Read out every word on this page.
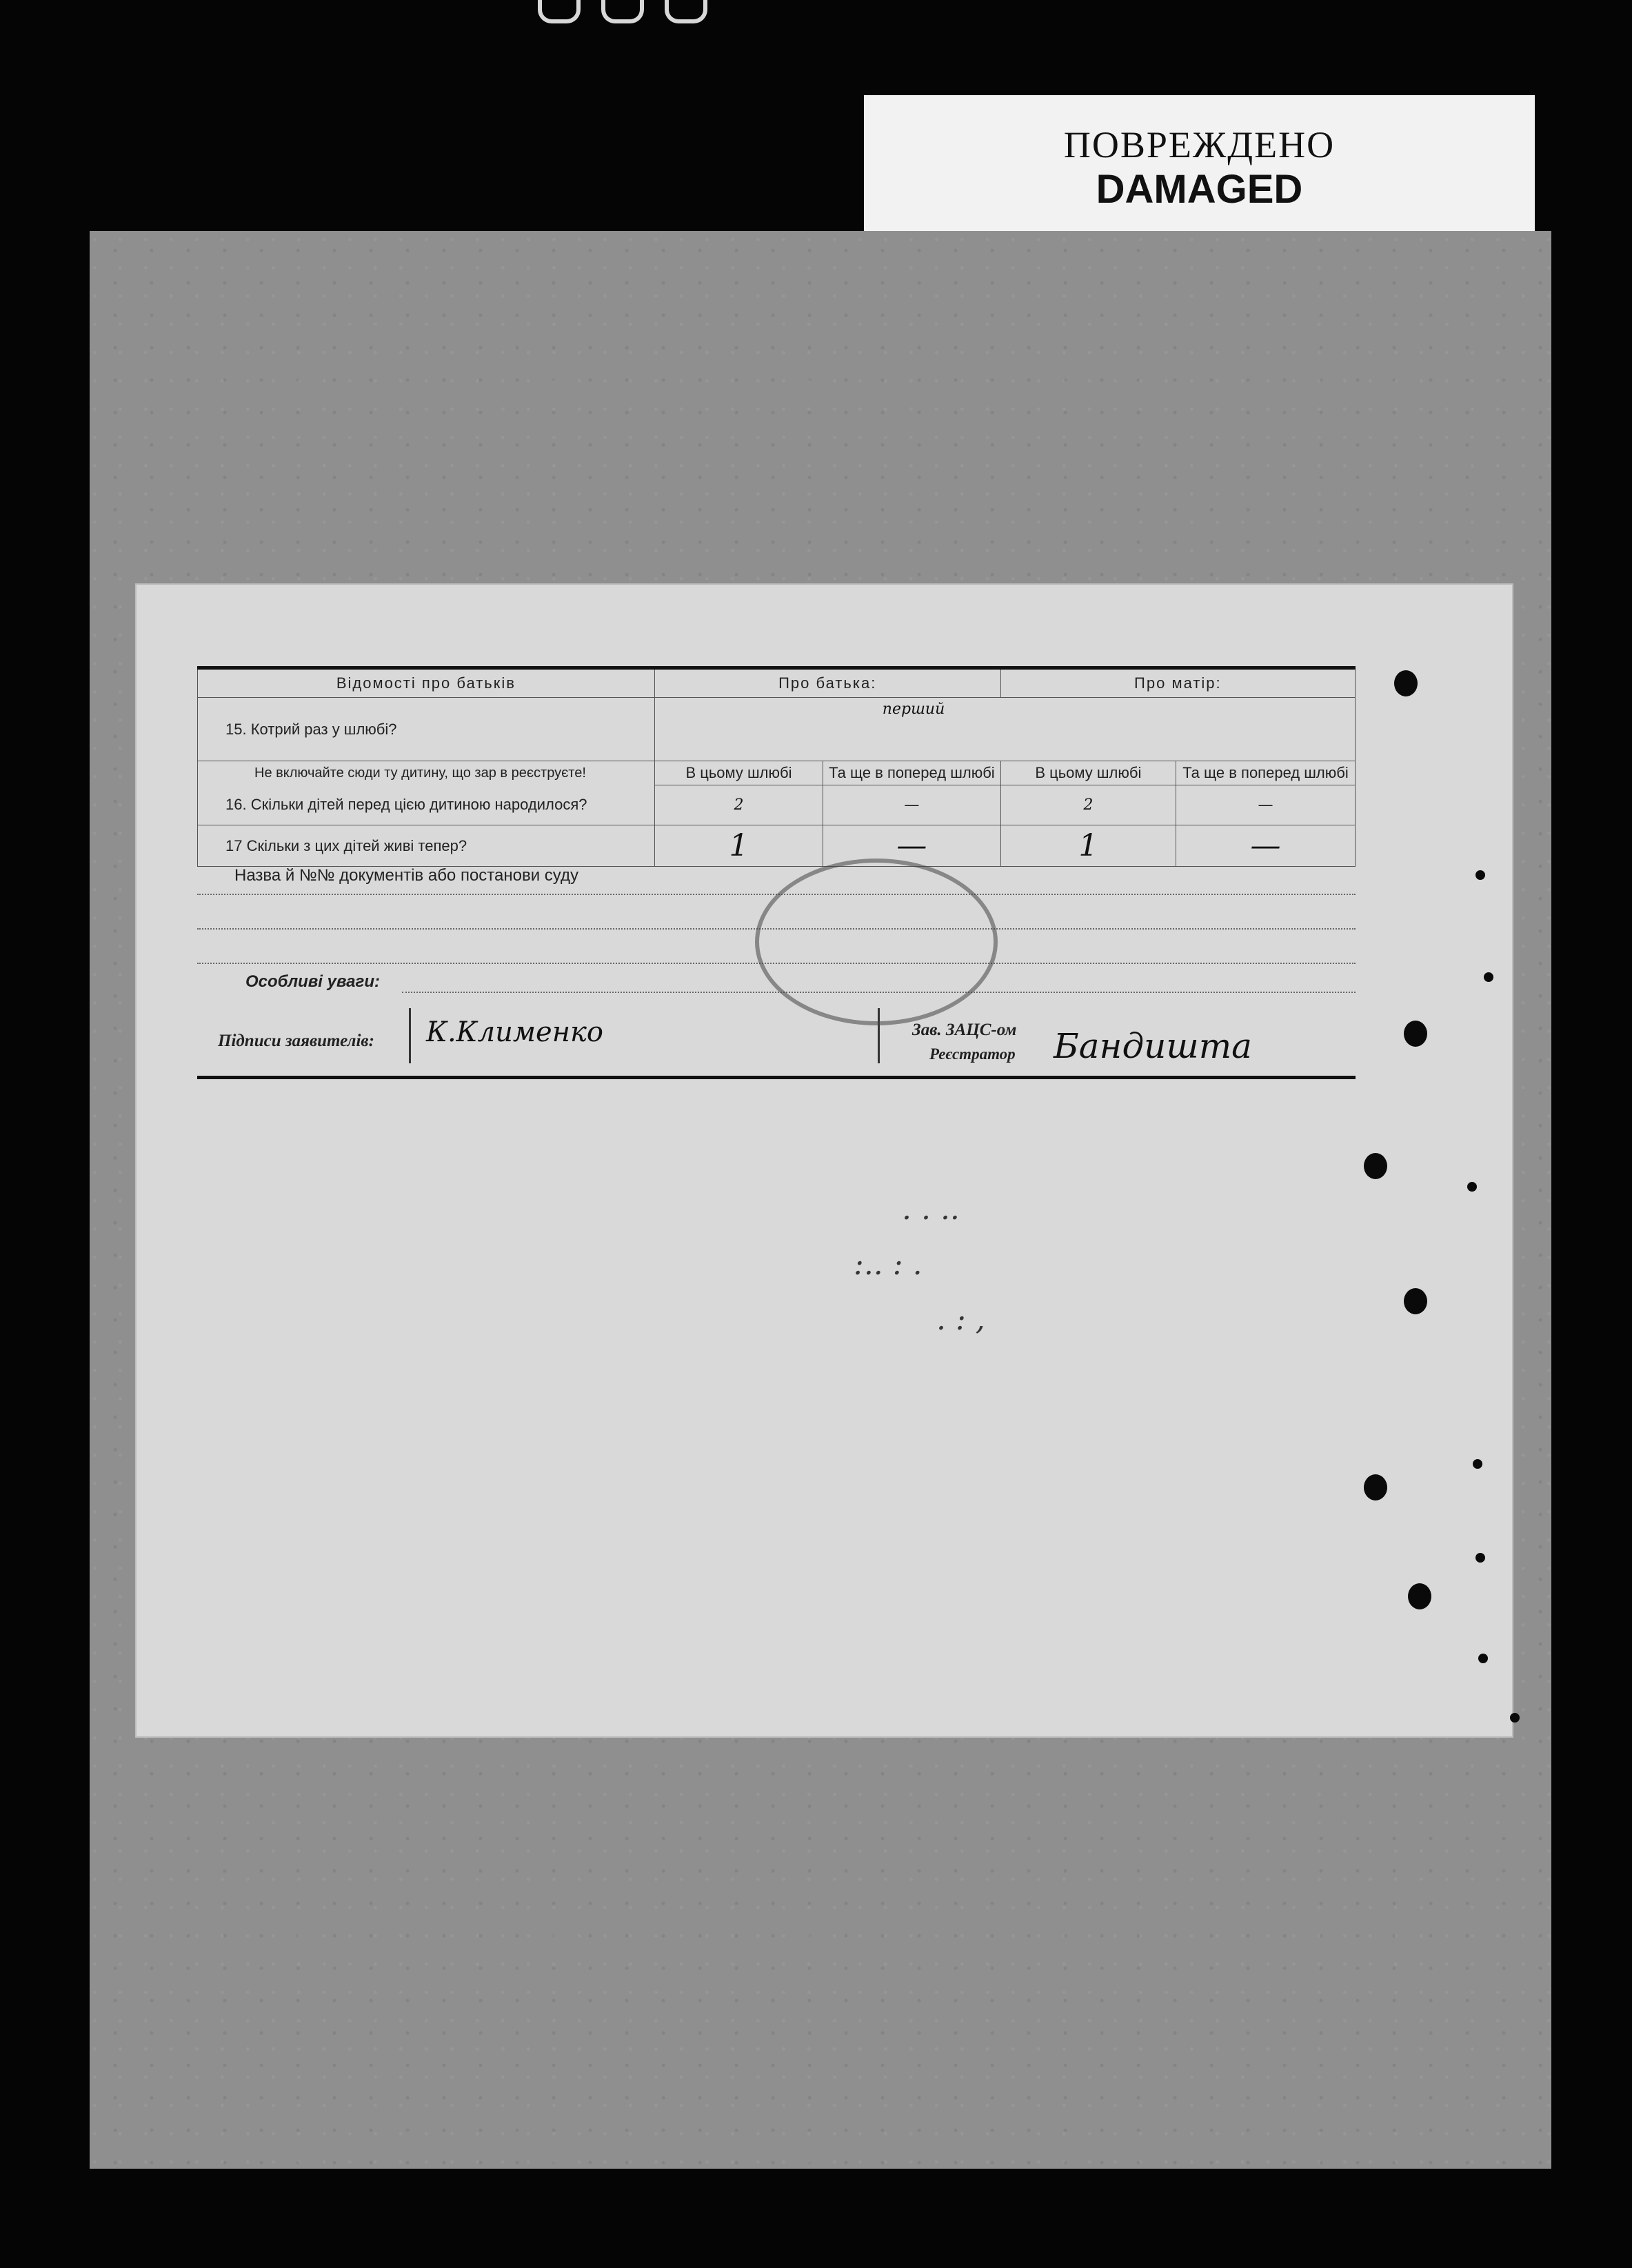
ПОВРЕЖДЕНО
DAMAGED
Відомості про батьків	Про батька:		Про матір:	
15. Котрий раз у шлюбі?	перший			
Не включайте сюди ту дитину, що зар в реєструєте!	В цьому шлюбі	Та ще в поперед шлюбі	В цьому шлюбі	Та ще в поперед шлюбі
16. Скільки дітей перед цією дитиною народилося?	2	—	2	—
17 Скільки з цих дітей живі тепер?	1	—	1	—
Назва й №№ документів або постанови суду
Особливі уваги:
Підписи заявителів: К.Клименко	Зав. ЗАЦС-ом
Реєстратор Бандишта
. . ..
:.. : .
. : ,
